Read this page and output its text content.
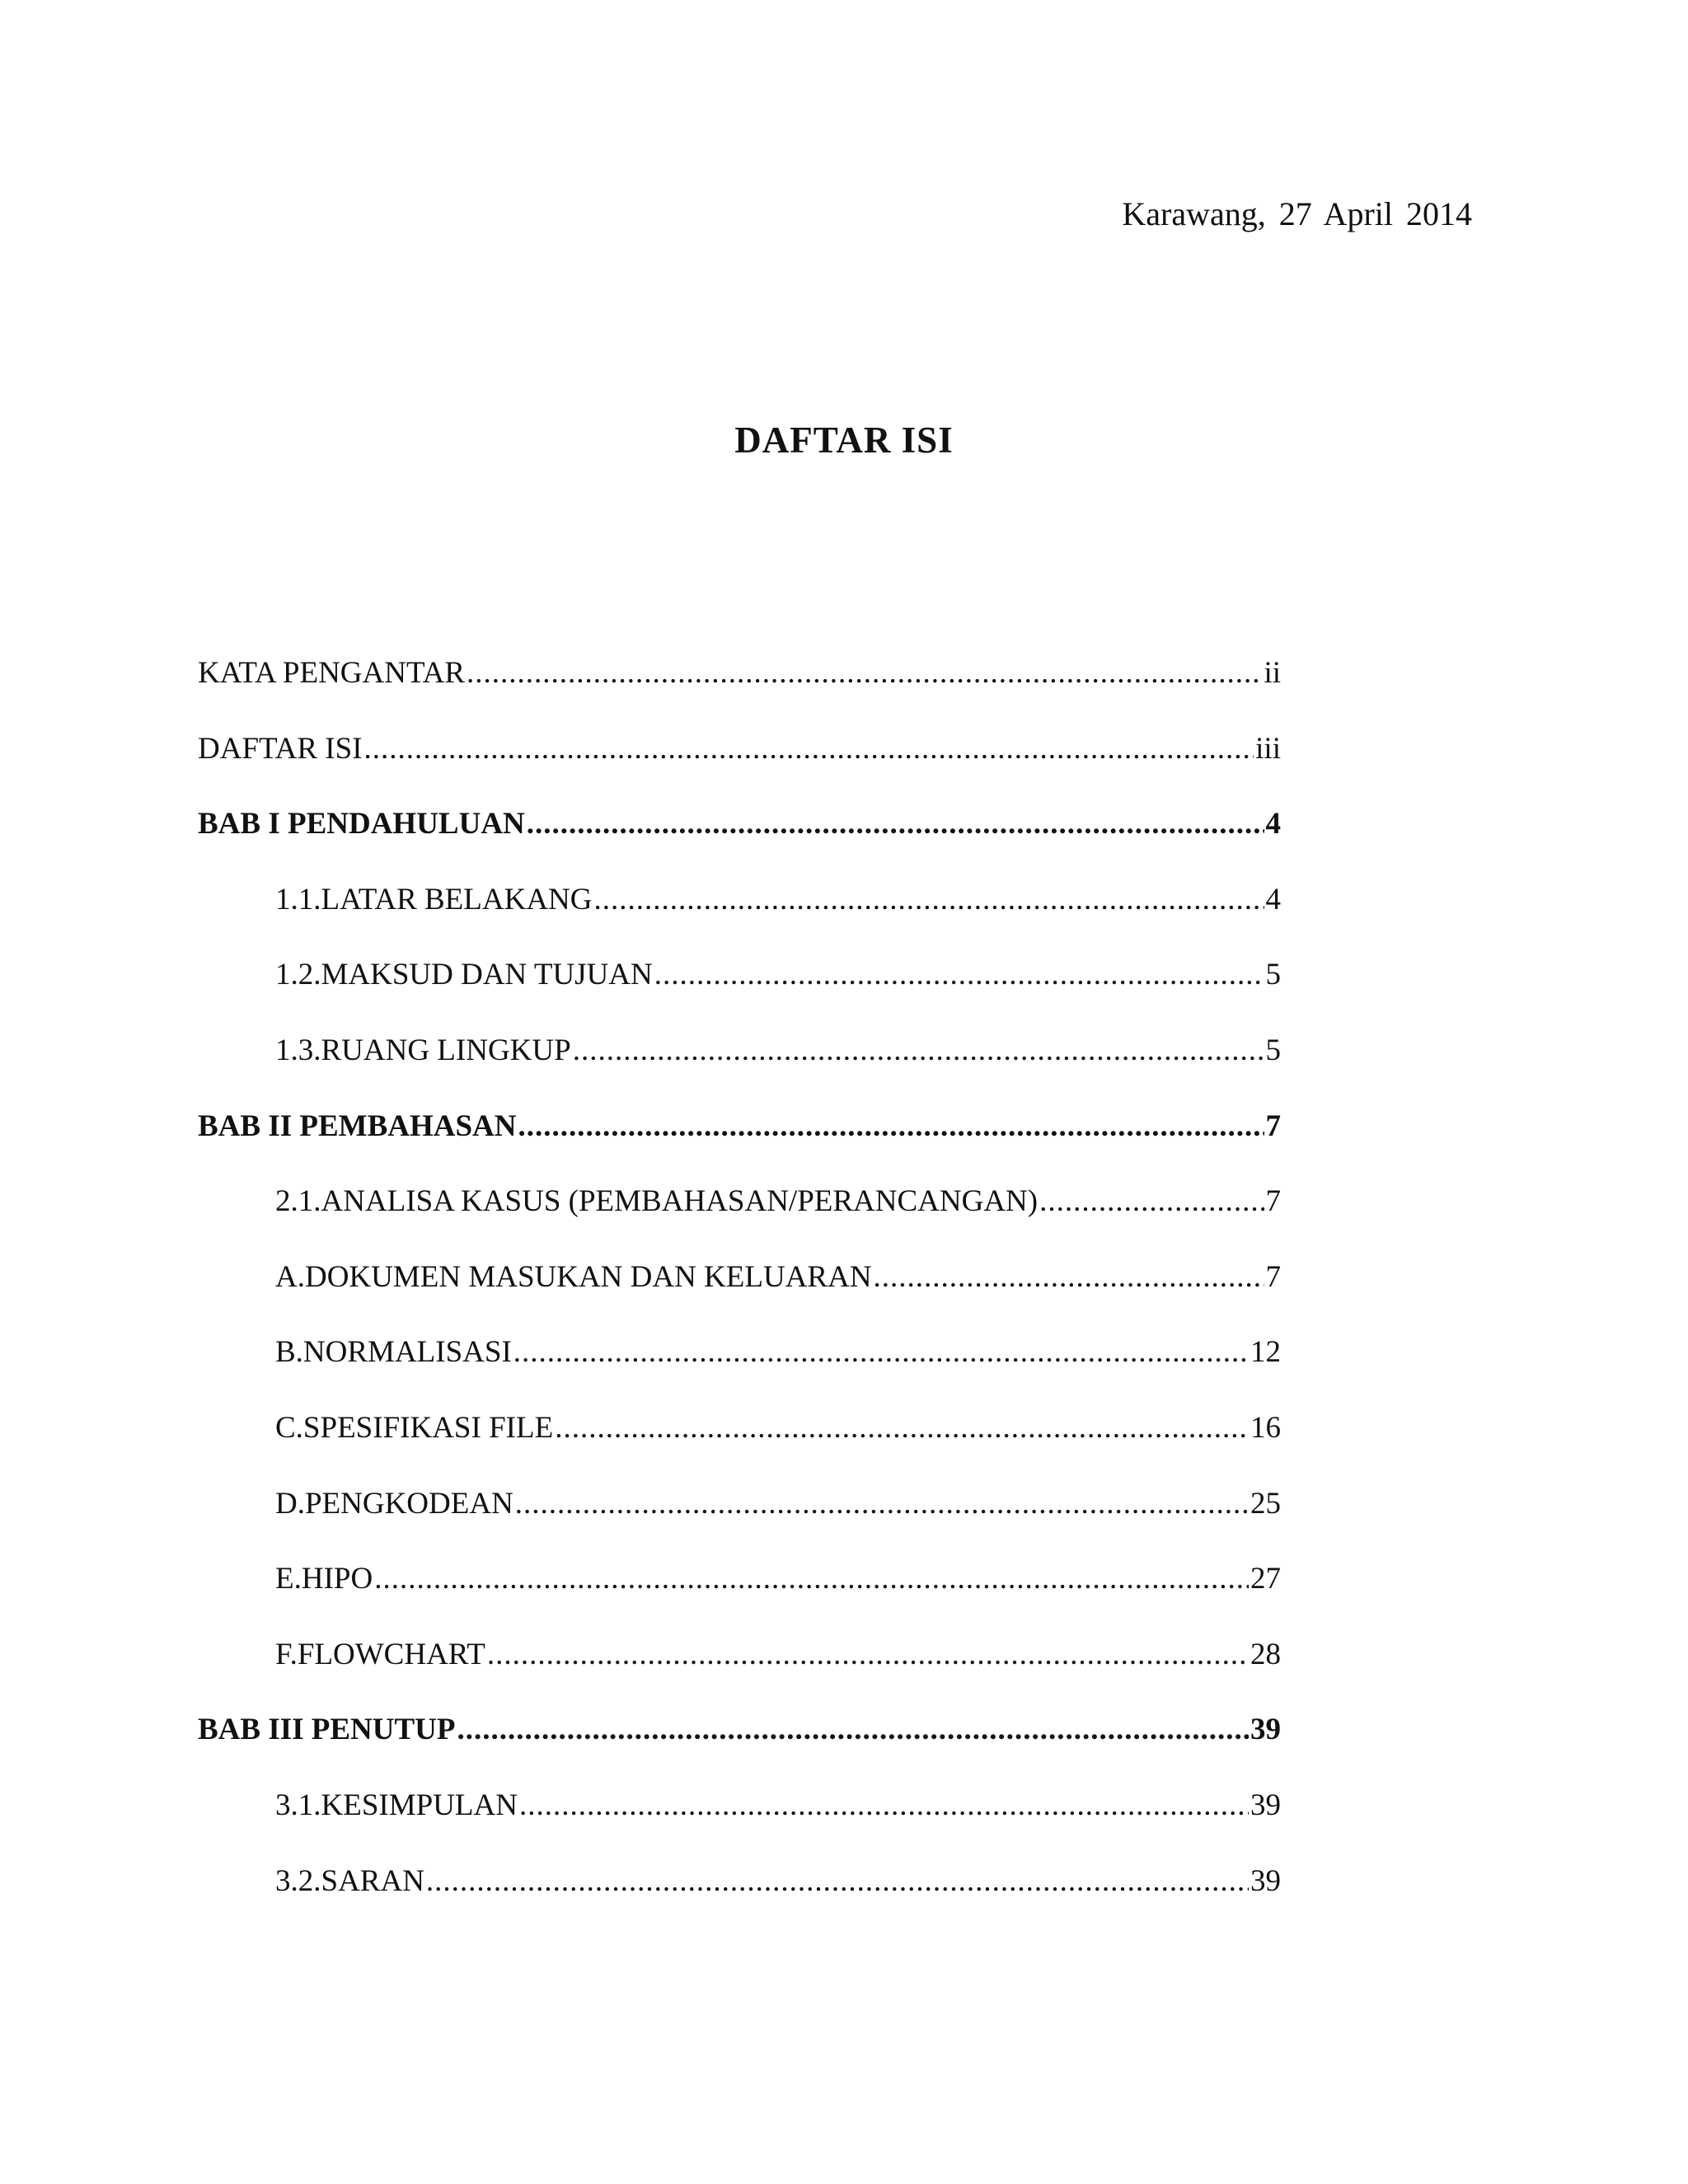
Karawang, 27 April 2014
DAFTAR ISI
KATA PENGANTAR .....	ii
DAFTAR ISI .....	iii
BAB I PENDAHULUAN .....	4
1.1.LATAR BELAKANG .....	4
1.2.MAKSUD DAN TUJUAN .....	5
1.3.RUANG LINGKUP .....	5
BAB II PEMBAHASAN .....	7
2.1.ANALISA KASUS (PEMBAHASAN/PERANCANGAN) .....	7
A.DOKUMEN MASUKAN DAN KELUARAN .....	7
B.NORMALISASI .....	12
C.SPESIFIKASI FILE .....	16
D.PENGKODEAN .....	25
E.HIPO .....	27
F.FLOWCHART .....	28
BAB III PENUTUP .....	39
3.1.KESIMPULAN .....	39
3.2.SARAN .....	39
